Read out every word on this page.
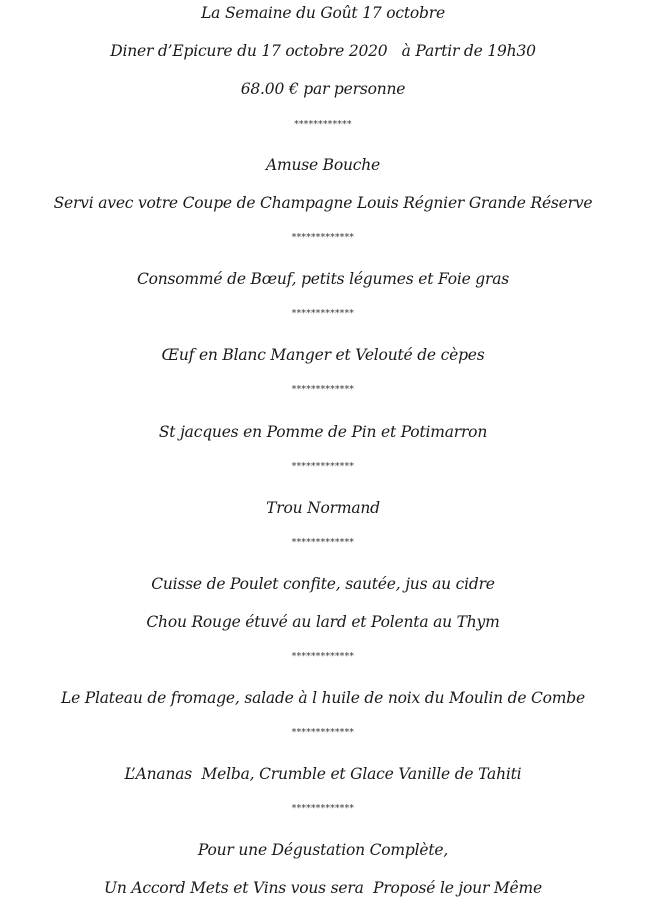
La Semaine du Goût 17 octobre
Diner d’Epicure du 17 octobre 2020   à Partir de 19h30
68.00 € par personne
************
Amuse Bouche
Servi avec votre Coupe de Champagne Louis Régnier Grande Réserve
*************
Consommé de Bœuf, petits légumes et Foie gras
*************
Œuf en Blanc Manger et Velouté de cèpes
*************
St jacques en Pomme de Pin et Potimarron
*************
Trou Normand
*************
Cuisse de Poulet confite, sautée, jus au cidre
Chou Rouge étuvé au lard et Polenta au Thym
*************
Le Plateau de fromage, salade à l huile de noix du Moulin de Combe
*************
L’Ananas  Melba, Crumble et Glace Vanille de Tahiti
*************
Pour une Dégustation Complète,
Un Accord Mets et Vins vous sera  Proposé le jour Même
